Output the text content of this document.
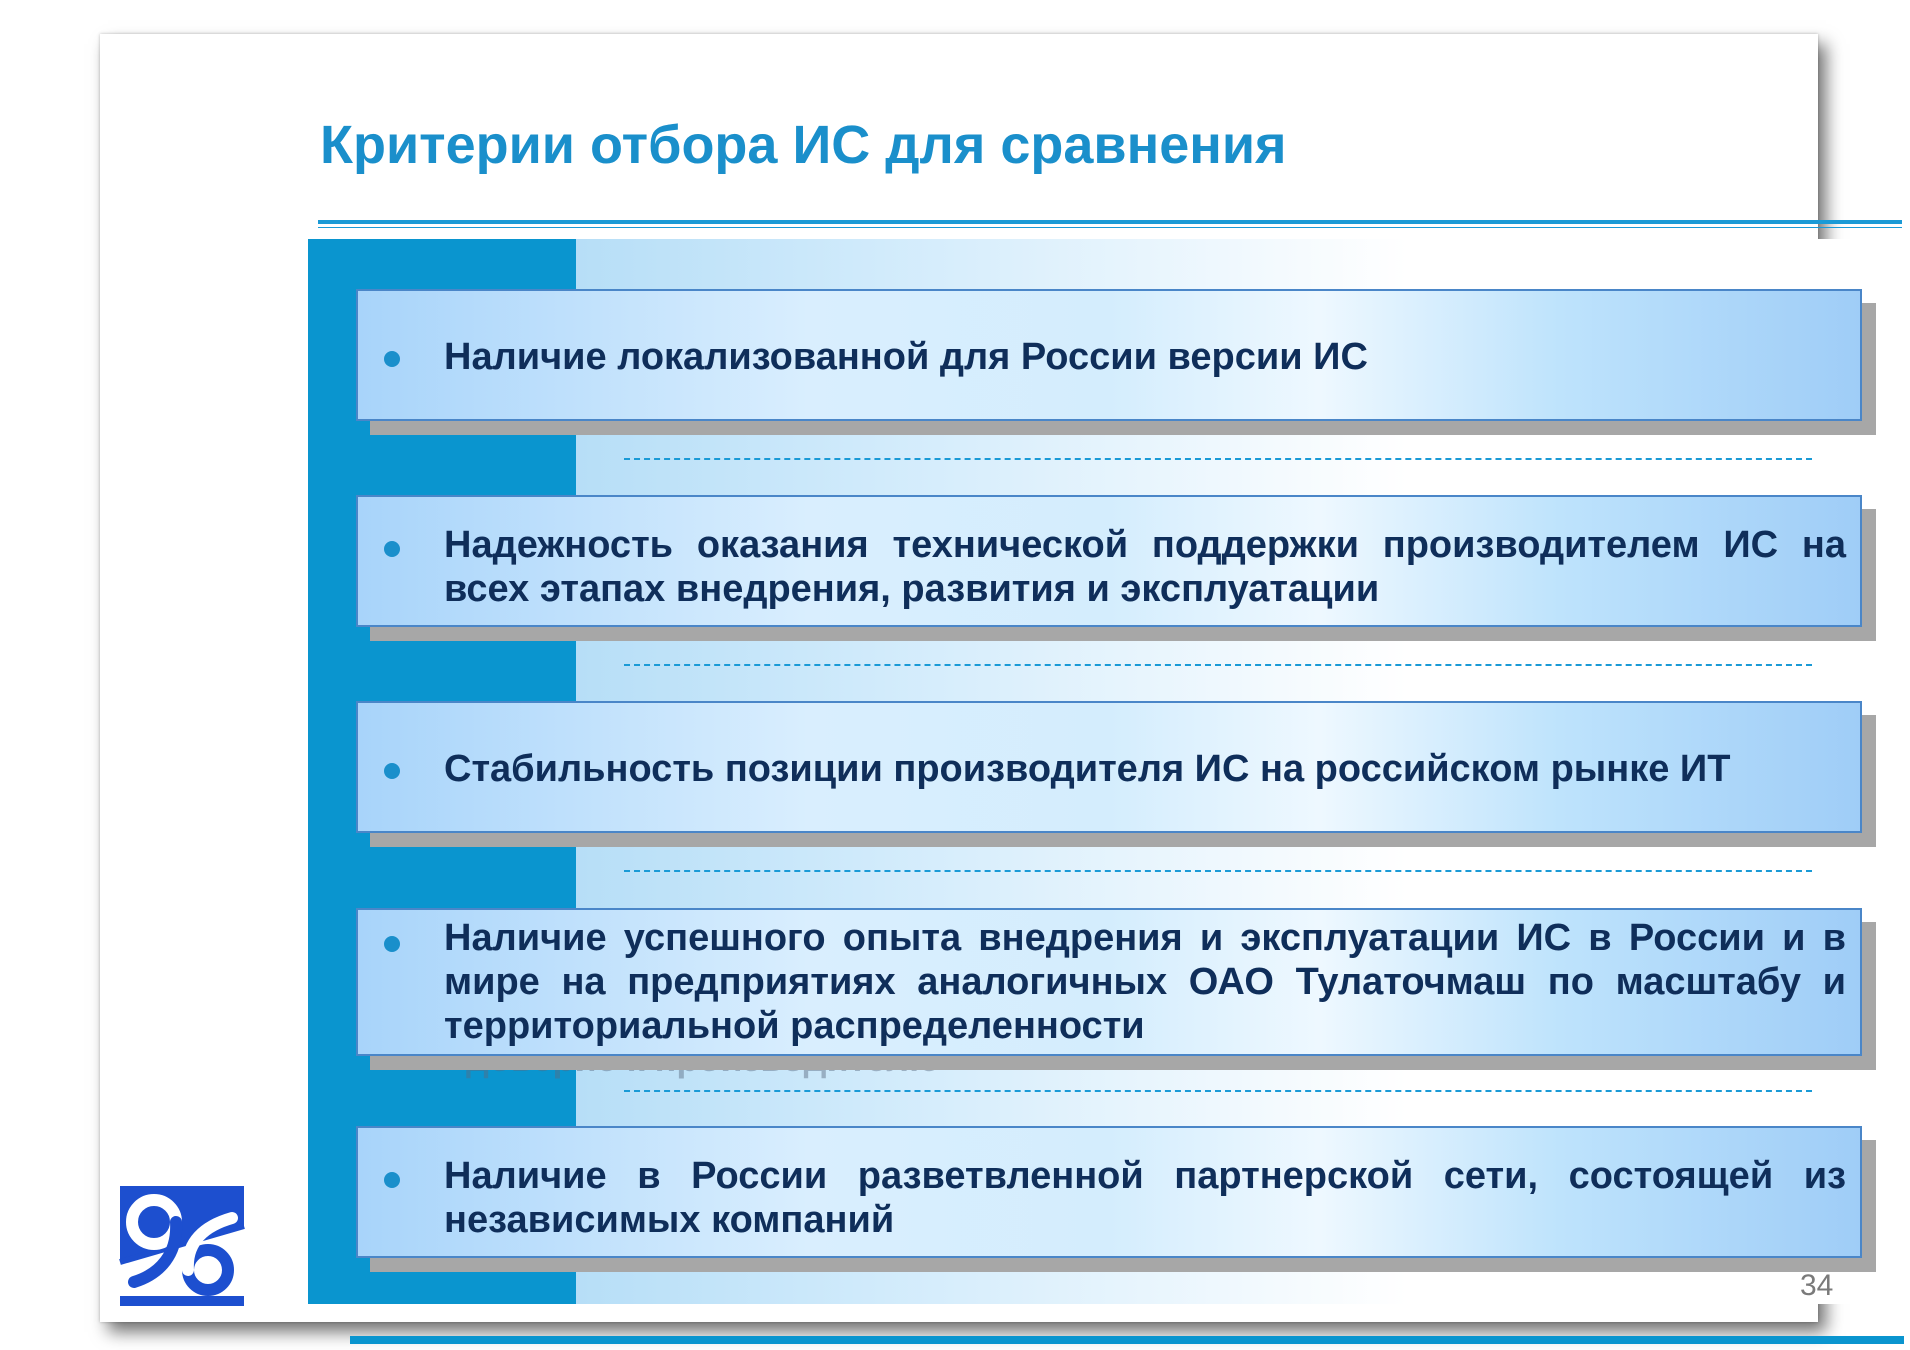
Критерии отбора ИС для сравнения
Наличие локализованной для России версии ИС
Надежность оказания технической поддержки производителем ИС на всех этапах внедрения, развития и эксплуатации
Стабильность позиции производителя ИС на российском рынке ИТ
Наличие успешного опыта внедрения и эксплуатации ИС в России и в мире на предприятиях аналогичных ОАО Тулаточмаш по масштабу и территориальной распределенности
Наличие в России разветвленной партнерской сети, состоящей из независимых компаний
34
